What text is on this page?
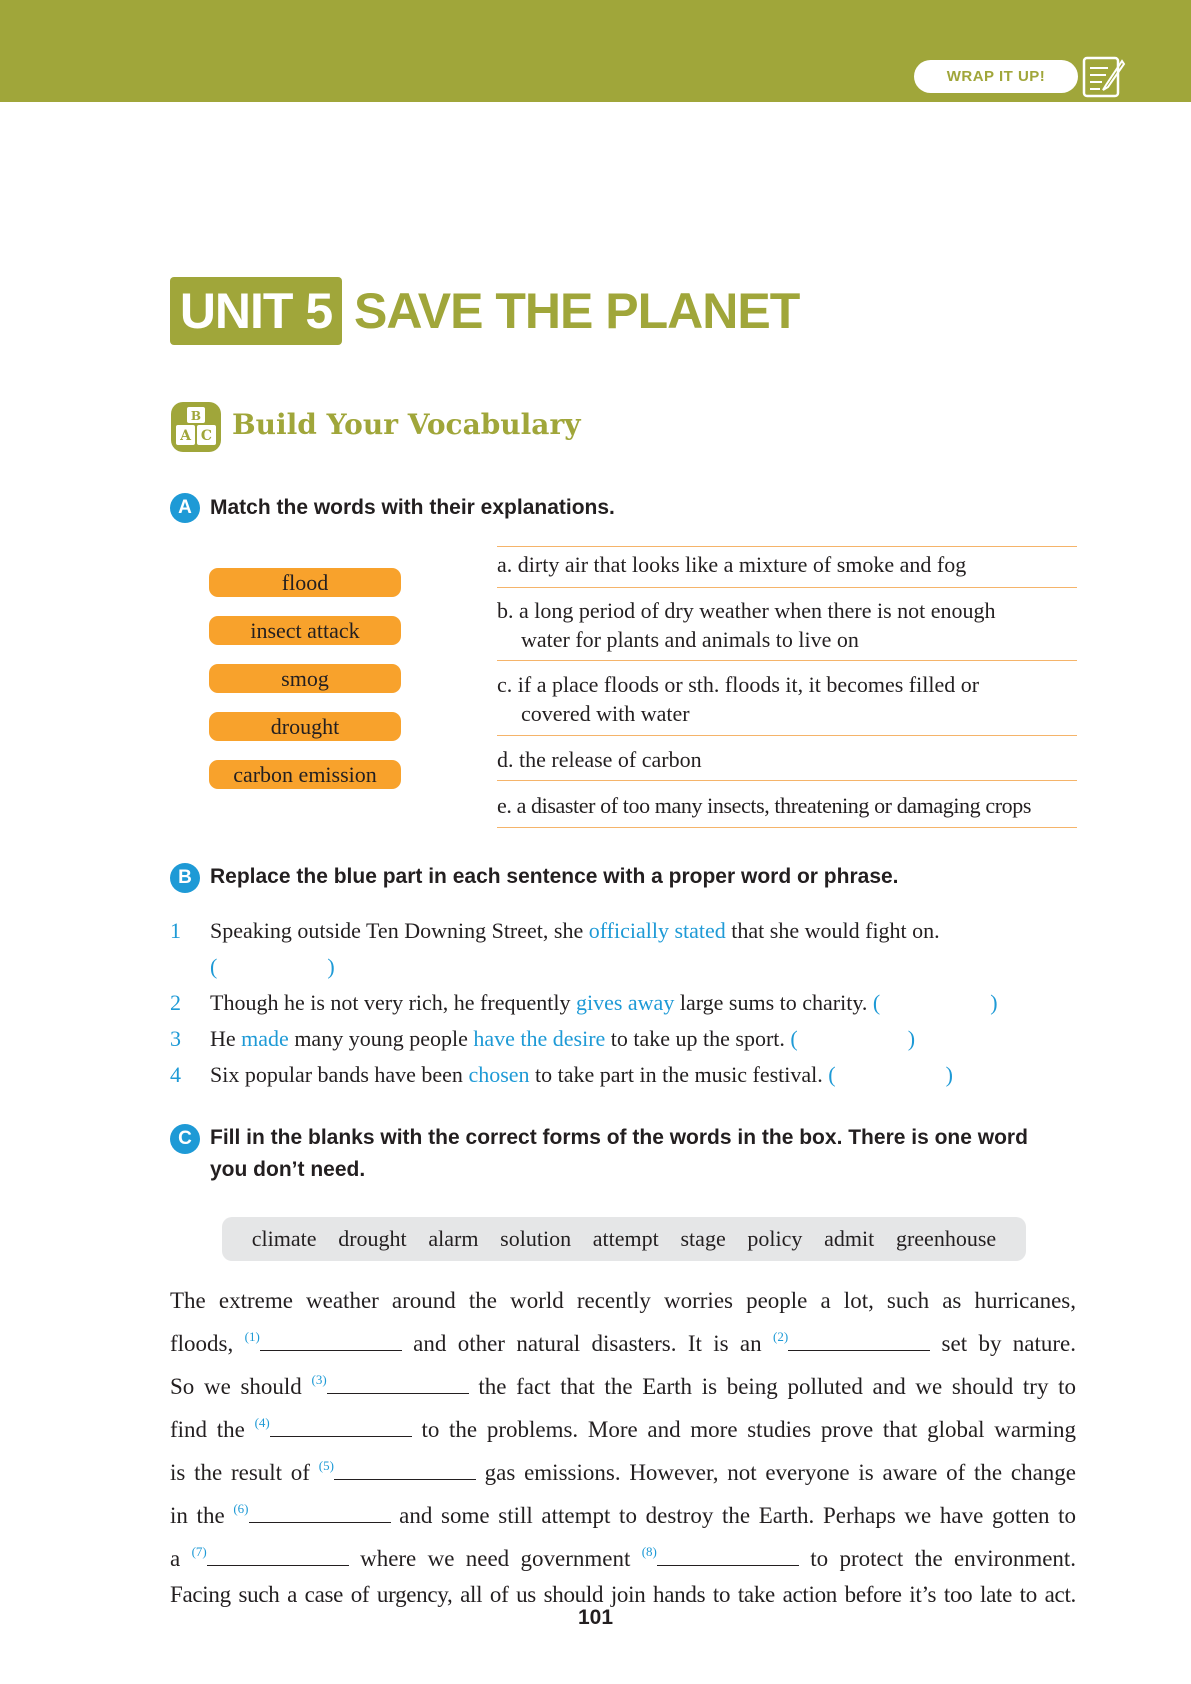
WRAP IT UP!
UNIT 5 SAVE THE PLANET
B
A C Build Your Vocabulary
A Match the words with their explanations.
flood
insect attack
smog
drought
carbon emission
a. dirty air that looks like a mixture of smoke and fog
b. a long period of dry weather when there is not enough
water for plants and animals to live on
c. if a place floods or sth. floods it, it becomes filled or
covered with water
d. the release of carbon
e. a disaster of too many insects, threatening or damaging crops
B Replace the blue part in each sentence with a proper word or phrase.
1 Speaking outside Ten Downing Street, she officially stated that she would fight on.
(	)
2 Though he is not very rich, he frequently gives away large sums to charity. (	)
3 He made many young people have the desire to take up the sport. (	)
4 Six popular bands have been chosen to take part in the music festival. (	)
C Fill in the blanks with the correct forms of the words in the box. There is one word
you don’t need.
climate drought alarm solution attempt stage policy admit greenhouse
The extreme weather around the world recently worries people a lot, such as hurricanes,
floods, $^{(1)}$	and other natural disasters. It is an $^{(2)}$	set by nature.
So we should $^{(3)}$	the fact that the Earth is being polluted and we should try to
find the $^{(4)}$	to the problems. More and more studies prove that global warming
is the result of $^{(5)}$	gas emissions. However, not everyone is aware of the change
in the $^{(6)}$	and some still attempt to destroy the Earth. Perhaps we have gotten to
a $^{(7)}$	where we need government $^{(8)}$	to protect the environment.
Facing such a case of urgency, all of us should join hands to take action before it’s too late to act.
101
